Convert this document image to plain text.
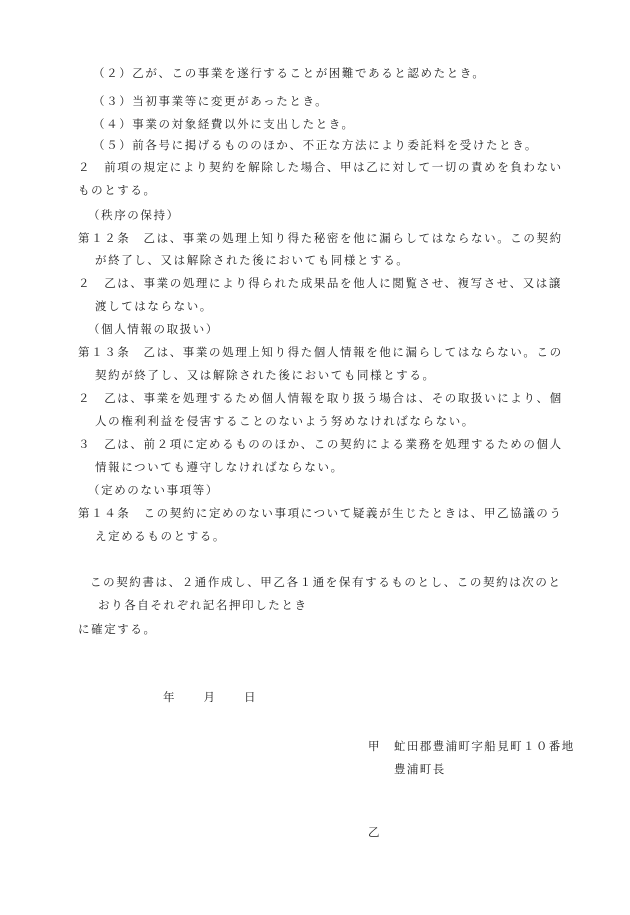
（２）乙が、この事業を遂行することが困難であると認めたとき。
（３）当初事業等に変更があったとき。
（４）事業の対象経費以外に支出したとき。
（５）前各号に掲げるもののほか、不正な方法により委託料を受けたとき。
２　前項の規定により契約を解除した場合、甲は乙に対して一切の責めを負わない
ものとする。
（秩序の保持）
第１２条　乙は、事業の処理上知り得た秘密を他に漏らしてはならない。この契約
が終了し、又は解除された後においても同様とする。
２　乙は、事業の処理により得られた成果品を他人に閲覧させ、複写させ、又は譲
渡してはならない。
（個人情報の取扱い）
第１３条　乙は、事業の処理上知り得た個人情報を他に漏らしてはならない。この
契約が終了し、又は解除された後においても同様とする。
２　乙は、事業を処理するため個人情報を取り扱う場合は、その取扱いにより、個
人の権利利益を侵害することのないよう努めなければならない。
３　乙は、前２項に定めるもののほか、この契約による業務を処理するための個人
情報についても遵守しなければならない。
（定めのない事項等）
第１４条　この契約に定めのない事項について疑義が生じたときは、甲乙協議のう
え定めるものとする。
この契約書は、２通作成し、甲乙各１通を保有するものとし、この契約は次のと
おり各自それぞれ記名押印したとき
に確定する。
年　　月　　日
甲 虻田郡豊浦町字船見町１０番地
豊浦町長
乙
